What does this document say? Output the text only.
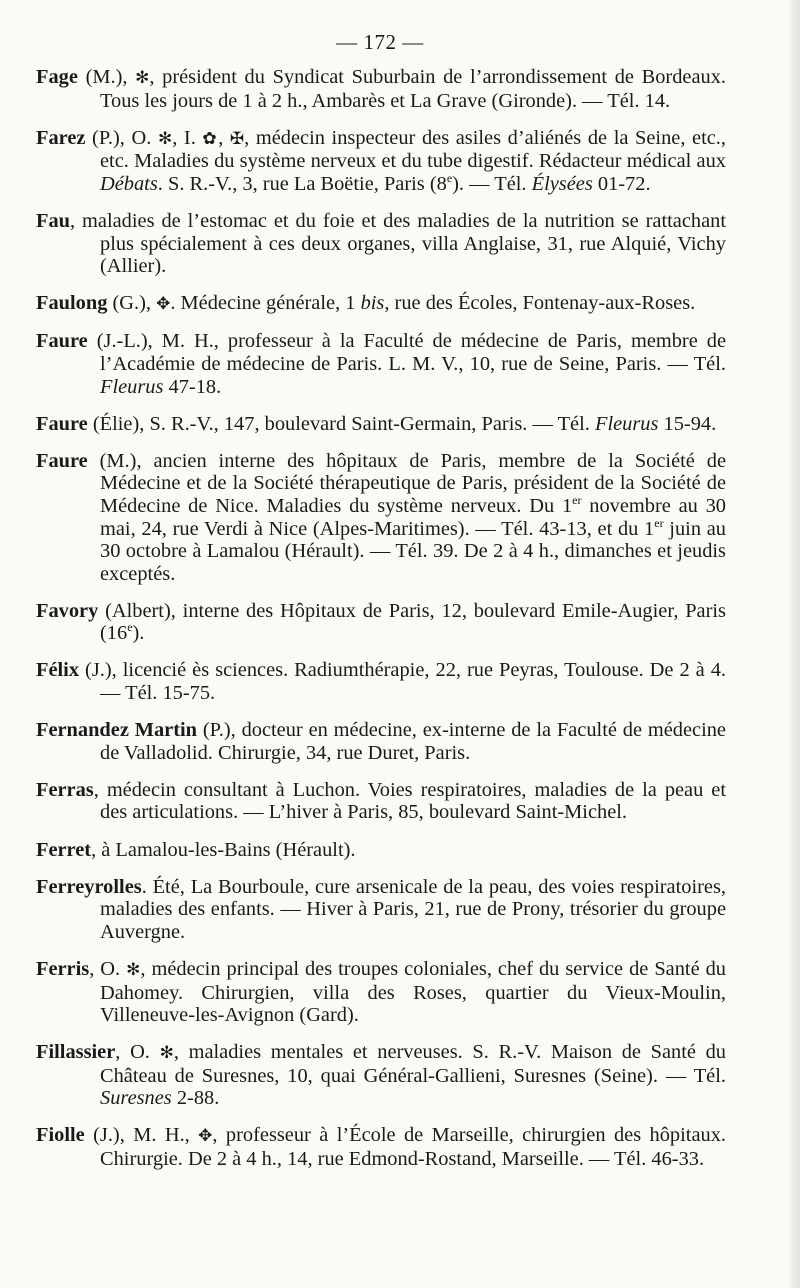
— 172 —
Fage (M.), ✻, président du Syndicat Suburbain de l’arrondissement de Bordeaux. Tous les jours de 1 à 2 h., Ambarès et La Grave (Gironde). — Tél. 14.
Farez (P.), O. ✻, I. ✿, ✠, médecin inspecteur des asiles d’aliénés de la Seine, etc., etc. Maladies du système nerveux et du tube digestif. Rédacteur médical aux Débats. S. R.-V., 3, rue La Boëtie, Paris (8e). — Tél. Élysées 01-72.
Fau, maladies de l’estomac et du foie et des maladies de la nutrition se rattachant plus spécialement à ces deux organes, villa Anglaise, 31, rue Alquié, Vichy (Allier).
Faulong (G.), ✥. Médecine générale, 1 bis, rue des Écoles, Fontenay-aux-Roses.
Faure (J.-L.), M. H., professeur à la Faculté de médecine de Paris, membre de l’Académie de médecine de Paris. L. M. V., 10, rue de Seine, Paris. — Tél. Fleurus 47-18.
Faure (Élie), S. R.-V., 147, boulevard Saint-Germain, Paris. — Tél. Fleurus 15-94.
Faure (M.), ancien interne des hôpitaux de Paris, membre de la Société de Médecine et de la Société thérapeutique de Paris, président de la Société de Médecine de Nice. Maladies du système nerveux. Du 1er novembre au 30 mai, 24, rue Verdi à Nice (Alpes-Maritimes). — Tél. 43-13, et du 1er juin au 30 octobre à Lamalou (Hérault). — Tél. 39. De 2 à 4 h., dimanches et jeudis exceptés.
Favory (Albert), interne des Hôpitaux de Paris, 12, boulevard Emile-Augier, Paris (16e).
Félix (J.), licencié ès sciences. Radiumthérapie, 22, rue Peyras, Toulouse. De 2 à 4. — Tél. 15-75.
Fernandez Martin (P.), docteur en médecine, ex-interne de la Faculté de médecine de Valladolid. Chirurgie, 34, rue Duret, Paris.
Ferras, médecin consultant à Luchon. Voies respiratoires, maladies de la peau et des articulations. — L’hiver à Paris, 85, boulevard Saint-Michel.
Ferret, à Lamalou-les-Bains (Hérault).
Ferreyrolles. Été, La Bourboule, cure arsenicale de la peau, des voies respiratoires, maladies des enfants. — Hiver à Paris, 21, rue de Prony, trésorier du groupe Auvergne.
Ferris, O. ✻, médecin principal des troupes coloniales, chef du service de Santé du Dahomey. Chirurgien, villa des Roses, quartier du Vieux-Moulin, Villeneuve-les-Avignon (Gard).
Fillassier, O. ✻, maladies mentales et nerveuses. S. R.-V. Maison de Santé du Château de Suresnes, 10, quai Général-Gallieni, Suresnes (Seine). — Tél. Suresnes 2-88.
Fiolle (J.), M. H., ✥, professeur à l’École de Marseille, chirurgien des hôpitaux. Chirurgie. De 2 à 4 h., 14, rue Edmond-Rostand, Marseille. — Tél. 46-33.
